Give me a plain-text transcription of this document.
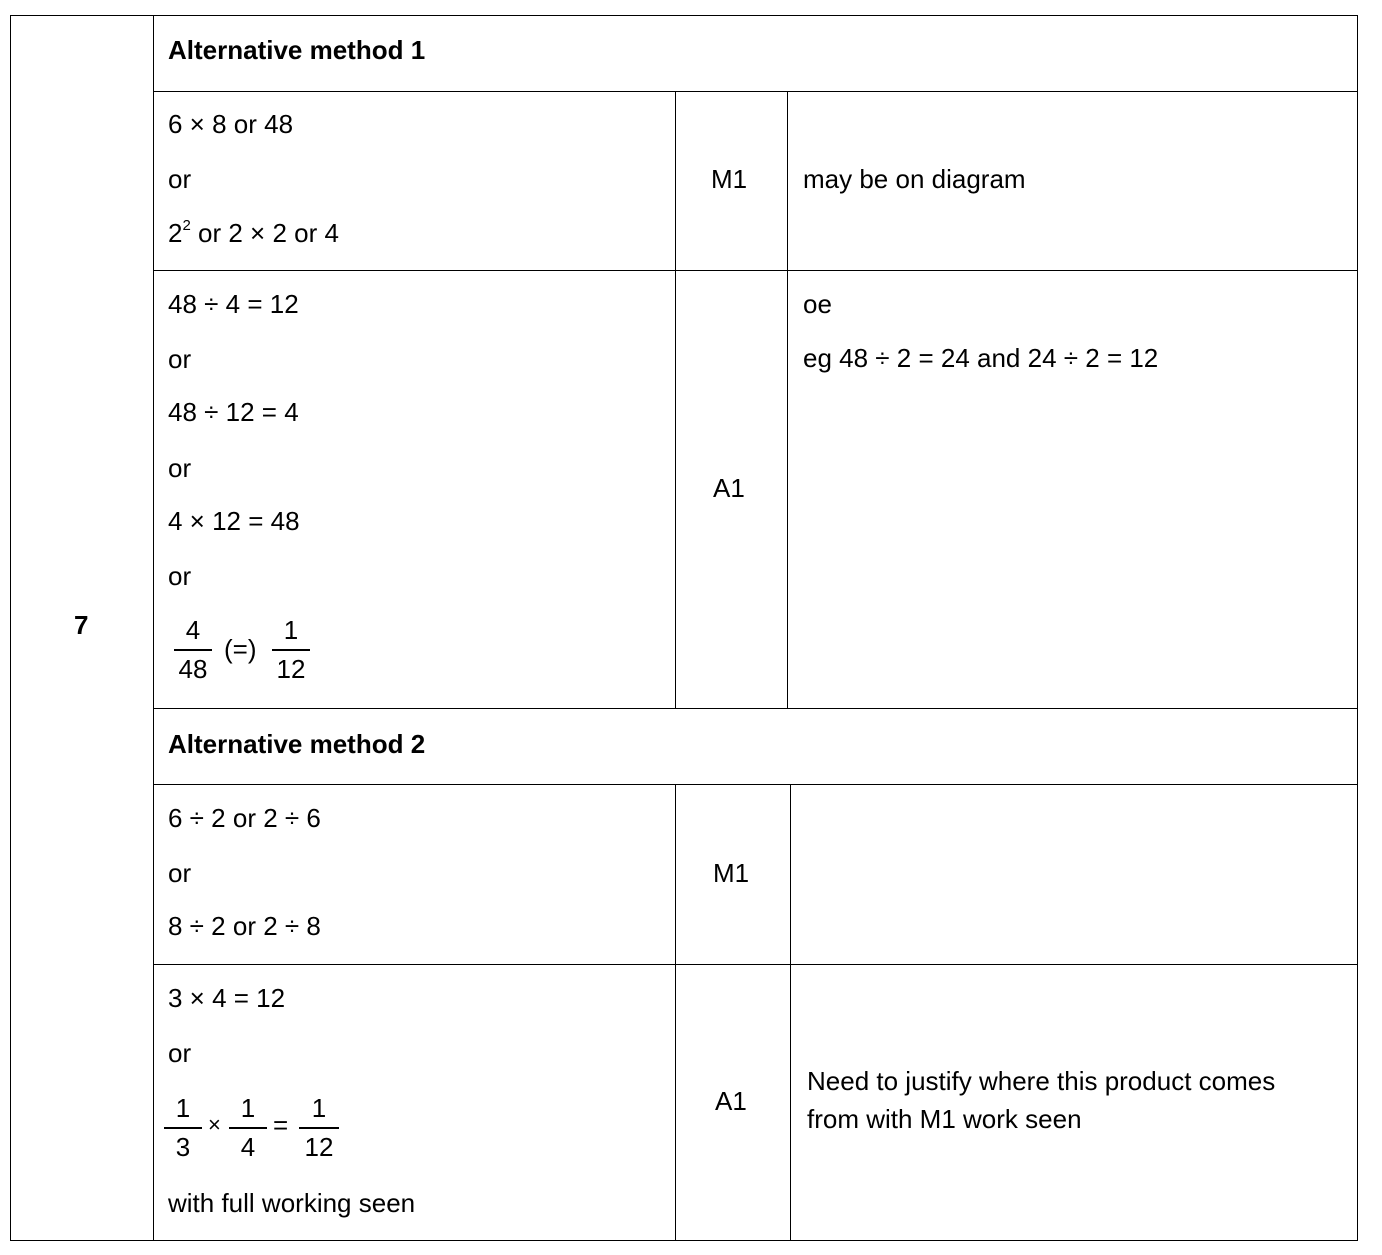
7
Alternative method 1
6 × 8 or 48
or
$2^2$ or 2 × 2 or 4
M1 may be on diagram
48 ÷ 4 = 12
or
48 ÷ 12 = 4
or
4 × 12 = 48
or
4
48
(=)
1
12
A1
oe
eg 48 ÷ 2 = 24 and 24 ÷ 2 = 12
Alternative method 2
6 ÷ 2 or 2 ÷ 6
or
8 ÷ 2 or 2 ÷ 8
M1
3 × 4 = 12
or
1
3
×
1
4
=
1
12
with full working seen
A1
Need to justify where this product comes
from with M1 work seen
